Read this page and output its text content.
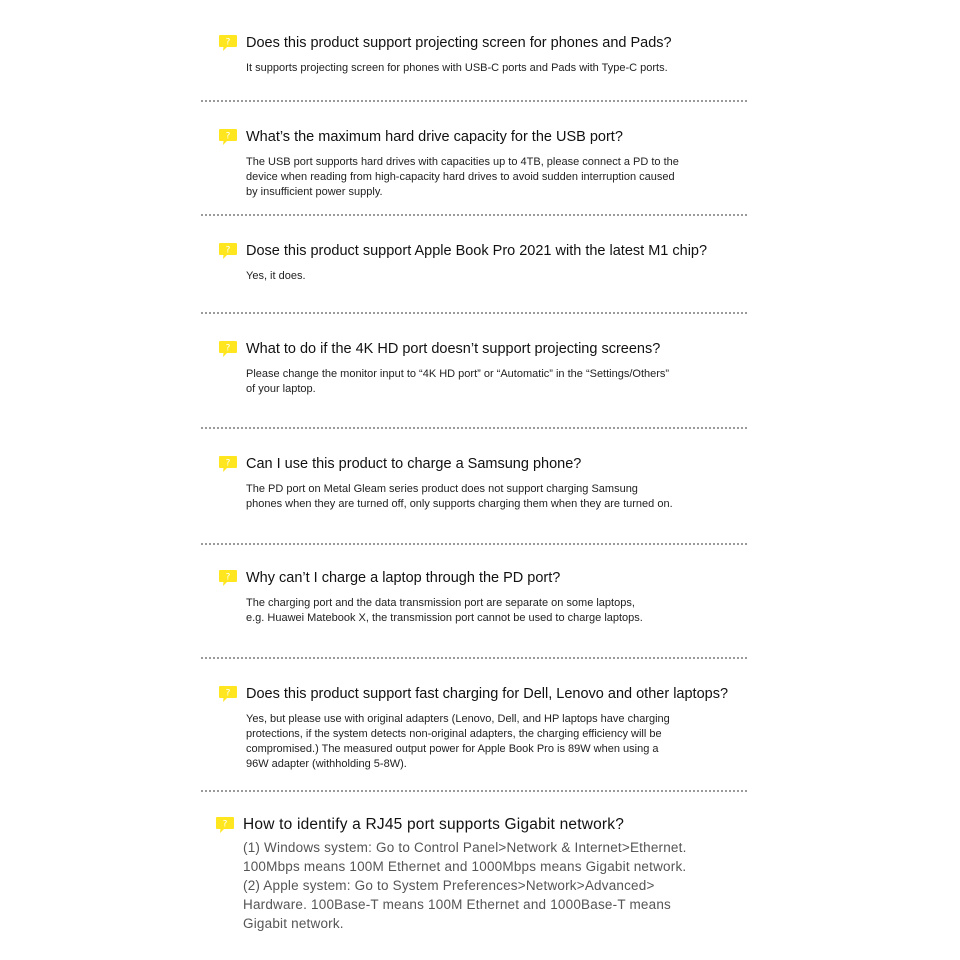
? Does this product support projecting screen for phones and Pads?

It supports projecting screen for phones with USB-C ports and Pads with Type-C ports.

? What’s the maximum hard drive capacity for the USB port?

The USB port supports hard drives with capacities up to 4TB, please connect a PD to the

device when reading from high-capacity hard drives to avoid sudden interruption caused

by insufficient power supply.

? Dose this product support Apple Book Pro 2021 with the latest M1 chip?

Yes, it does.

? What to do if the 4K HD port doesn’t support projecting screens?

Please change the monitor input to “4K HD port” or “Automatic” in the “Settings/Others”

of your laptop.

? Can I use this product to charge a Samsung phone?

The PD port on Metal Gleam series product does not support charging Samsung

phones when they are turned off, only supports charging them when they are turned on.

? Why can’t I charge a laptop through the PD port?

The charging port and the data transmission port are separate on some laptops,

e.g. Huawei Matebook X, the transmission port cannot be used to charge laptops.

? Does this product support fast charging for Dell, Lenovo and other laptops?

Yes, but please use with original adapters (Lenovo, Dell, and HP laptops have charging

protections, if the system detects non-original adapters, the charging efficiency will be

compromised.) The measured output power for Apple Book Pro is 89W when using a

96W adapter (withholding 5-8W).

? How to identify a RJ45 port supports Gigabit network?

(1) Windows system: Go to Control Panel>Network & Internet>Ethernet.

100Mbps means 100M Ethernet and 1000Mbps means Gigabit network.

(2) Apple system: Go to System Preferences>Network>Advanced>

Hardware. 100Base-T means 100M Ethernet and 1000Base-T means

Gigabit network.
